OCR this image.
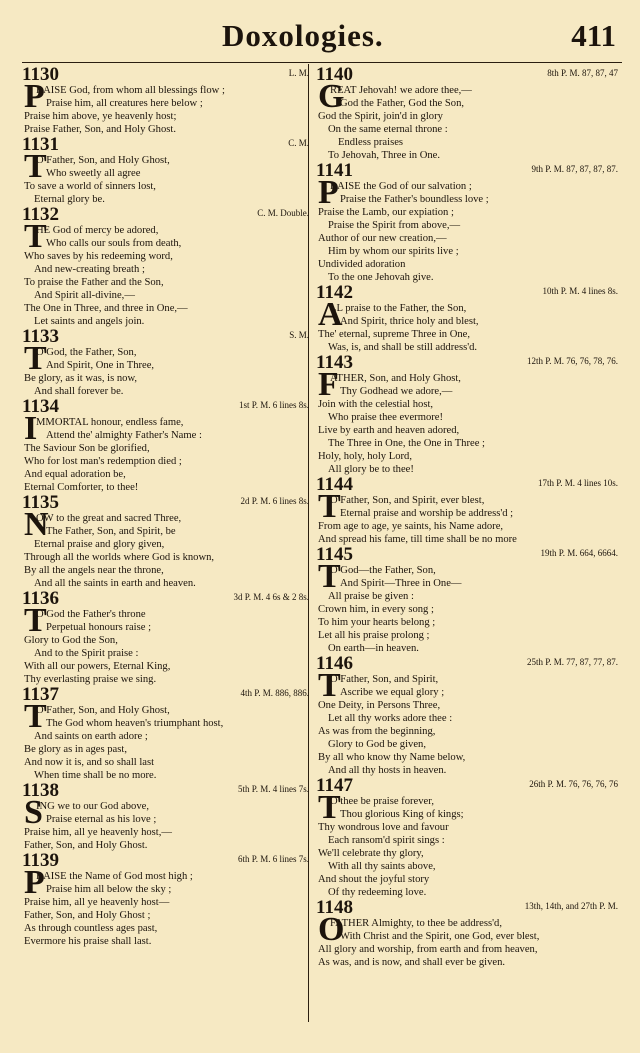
Doxologies.	411
1130	L. M.
P
RAISE God, from whom all blessings flow ;
Praise him, all creatures here below ;
Praise him above, ye heavenly host;
Praise Father, Son, and Holy Ghost.
1131	C. M.
T
O Father, Son, and Holy Ghost,
Who sweetly all agree
To save a world of sinners lost,
Eternal glory be.
1132	C. M. Double.
T
HE God of mercy be adored,
Who calls our souls from death,
Who saves by his redeeming word,
And new-creating breath ;
To praise the Father and the Son,
And Spirit all-divine,—
The One in Three, and three in One,—
Let saints and angels join.
1133	S. M.
T
O God, the Father, Son,
And Spirit, One in Three,
Be glory, as it was, is now,
And shall forever be.
1134	1st P. M. 6 lines 8s.
I
MMORTAL honour, endless fame,
Attend the' almighty Father's Name :
The Saviour Son be glorified,
Who for lost man's redemption died ;
And equal adoration be,
Eternal Comforter, to thee!
1135	2d P. M. 6 lines 8s.
N
OW to the great and sacred Three,
The Father, Son, and Spirit, be
Eternal praise and glory given,
Through all the worlds where God is known,
By all the angels near the throne,
And all the saints in earth and heaven.
1136	3d P. M. 4 6s & 2 8s.
T
O God the Father's throne
Perpetual honours raise ;
Glory to God the Son,
And to the Spirit praise :
With all our powers, Eternal King,
Thy everlasting praise we sing.
1137	4th P. M. 886, 886.
T
O Father, Son, and Holy Ghost,
The God whom heaven's triumphant host,
And saints on earth adore ;
Be glory as in ages past,
And now it is, and so shall last
When time shall be no more.
1138	5th P. M. 4 lines 7s.
S
ING we to our God above,
Praise eternal as his love ;
Praise him, all ye heavenly host,—
Father, Son, and Holy Ghost.
1139	6th P. M. 6 lines 7s.
P
RAISE the Name of God most high ;
Praise him all below the sky ;
Praise him, all ye heavenly host—
Father, Son, and Holy Ghost ;
As through countless ages past,
Evermore his praise shall last.
1140	8th P. M. 87, 87, 47
G
REAT Jehovah! we adore thee,—
God the Father, God the Son,
God the Spirit, join'd in glory
On the same eternal throne :
Endless praises
To Jehovah, Three in One.
1141	9th P. M. 87, 87, 87, 87.
P
RAISE the God of our salvation ;
Praise the Father's boundless love ;
Praise the Lamb, our expiation ;
Praise the Spirit from above,—
Author of our new creation,—
Him by whom our spirits live ;
Undivided adoration
To the one Jehovah give.
1142	10th P. M. 4 lines 8s.
A
LL praise to the Father, the Son,
And Spirit, thrice holy and blest,
The' eternal, supreme Three in One,
Was, is, and shall be still address'd.
1143	12th P. M. 76, 76, 78, 76.
F
ATHER, Son, and Holy Ghost,
Thy Godhead we adore,—
Join with the celestial host,
Who praise thee evermore!
Live by earth and heaven adored,
The Three in One, the One in Three ;
Holy, holy, holy Lord,
All glory be to thee!
1144	17th P. M. 4 lines 10s.
T
O Father, Son, and Spirit, ever blest,
Eternal praise and worship be address'd ;
From age to age, ye saints, his Name adore,
And spread his fame, till time shall be no more
1145	19th P. M. 664, 6664.
T
O God—the Father, Son,
And Spirit—Three in One—
All praise be given :
Crown him, in every song ;
To him your hearts belong ;
Let all his praise prolong ;
On earth—in heaven.
1146	25th P. M. 77, 87, 77, 87.
T
O Father, Son, and Spirit,
Ascribe we equal glory ;
One Deity, in Persons Three,
Let all thy works adore thee :
As was from the beginning,
Glory to God be given,
By all who know thy Name below,
And all thy hosts in heaven.
1147	26th P. M. 76, 76, 76, 76
T
O thee be praise forever,
Thou glorious King of kings;
Thy wondrous love and favour
Each ransom'd spirit sings :
We'll celebrate thy glory,
With all thy saints above,
And shout the joyful story
Of thy redeeming love.
1148	13th, 14th, and 27th P. M.
O
FATHER Almighty, to thee be address'd,
With Christ and the Spirit, one God, ever blest,
All glory and worship, from earth and from heaven,
As was, and is now, and shall ever be given.
